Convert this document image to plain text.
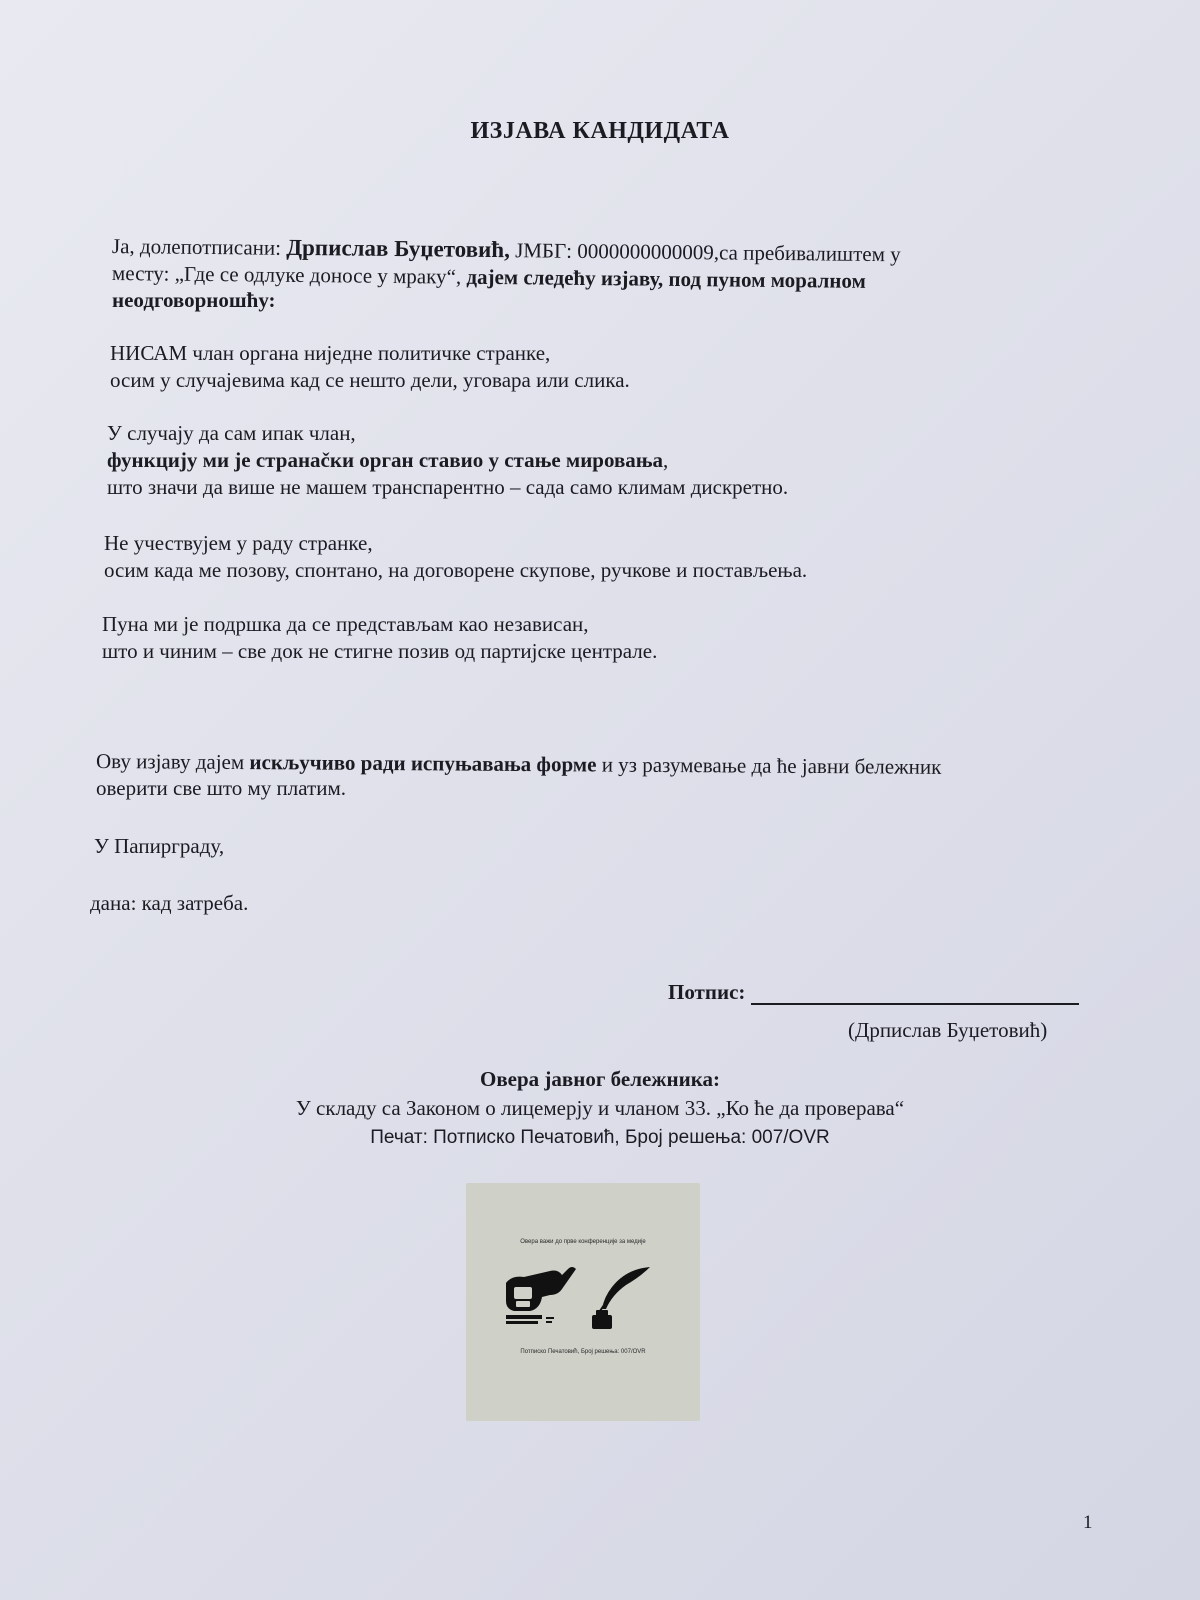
ИЗЈАВА КАНДИДАТА
Ја, долепотписани: Дрпислав Буџетовић, ЈМБГ: 0000000000009,са пребивалиштем у
месту: „Где се одлуке доносе у мраку“, дајем следећу изјаву, под пуном моралном
неодговорношћу:
НИСАМ члан органа ниједне политичке странке,
осим у случајевима кад се нешто дели, уговара или слика.
У случају да сам ипак члан,
функцију ми је странаčки орган ставио у стање мировања,
што значи да више не машем транспарентно – сада само климам дискретно.
Не учествујем у раду странке,
осим када ме позову, спонтано, на договорене скупове, ручкове и постављења.
Пуна ми је подршка да се представљам као независан,
што и чиним – све док не стигне позив од партијске централе.
Ову изјаву дајем искључиво ради испуњавања форме и уз разумевање да ће јавни бележник
оверити све што му платим.
У Папирграду,
дана: кад затреба.
Потпис:
(Дрпислав Буџетовић)
Овера јавног бележника:
У складу са Законом о лицемерју и чланом 33. „Ко ће да проверава“
Печат: Потписко Печатовић, Број решења: 007/OVR
Овера важи до прве конференције за медије
Потписко Печатовић, Број решења: 007/OVR
1
